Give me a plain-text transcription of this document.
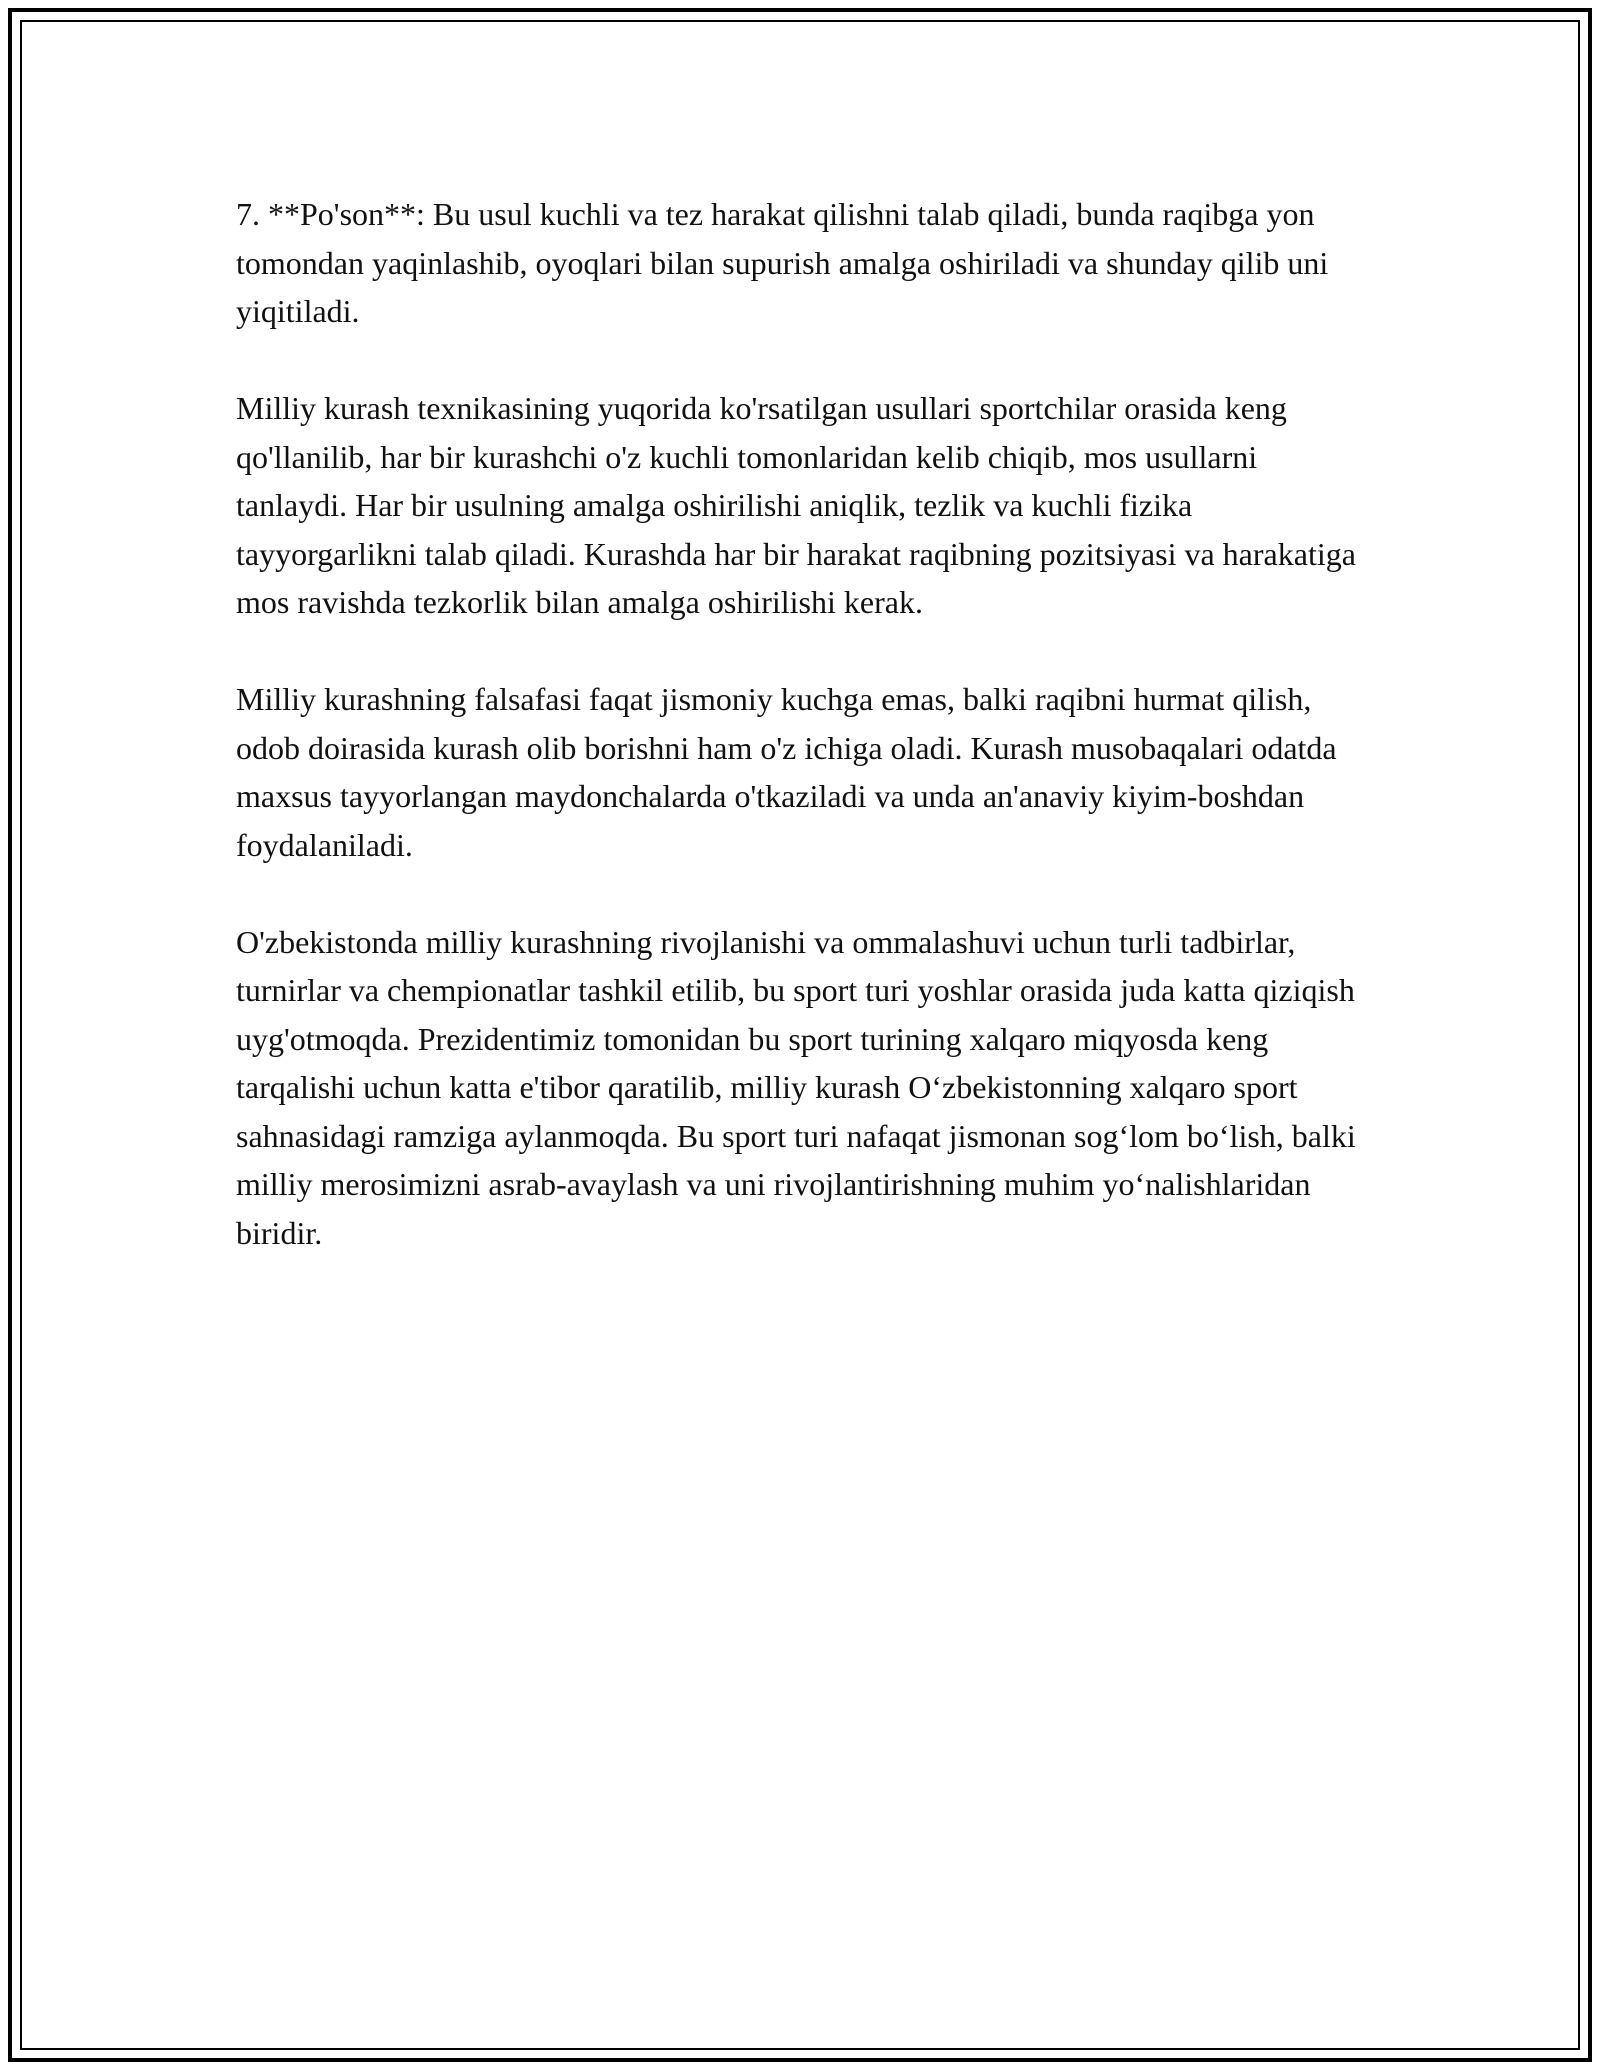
7. **Po'son**: Bu usul kuchli va tez harakat qilishni talab qiladi, bunda raqibga yon tomondan yaqinlashib, oyoqlari bilan supurish amalga oshiriladi va shunday qilib uni yiqitiladi.

Milliy kurash texnikasining yuqorida ko'rsatilgan usullari sportchilar orasida keng qo'llanilib, har bir kurashchi o'z kuchli tomonlaridan kelib chiqib, mos usullarni tanlaydi. Har bir usulning amalga oshirilishi aniqlik, tezlik va kuchli fizika tayyorgarlikni talab qiladi. Kurashda har bir harakat raqibning pozitsiyasi va harakatiga mos ravishda tezkorlik bilan amalga oshirilishi kerak.

Milliy kurashning falsafasi faqat jismoniy kuchga emas, balki raqibni hurmat qilish, odob doirasida kurash olib borishni ham o'z ichiga oladi. Kurash musobaqalari odatda maxsus tayyorlangan maydonchalarda o'tkaziladi va unda an'anaviy kiyim-boshdan foydalaniladi.

O'zbekistonda milliy kurashning rivojlanishi va ommalashuvi uchun turli tadbirlar, turnirlar va chempionatlar tashkil etilib, bu sport turi yoshlar orasida juda katta qiziqish uyg'otmoqda. Prezidentimiz tomonidan bu sport turining xalqaro miqyosda keng tarqalishi uchun katta e'tibor qaratilib, milliy kurash O‘zbekistonning xalqaro sport sahnasidagi ramziga aylanmoqda. Bu sport turi nafaqat jismonan sog‘lom bo‘lish, balki milliy merosimizni asrab-avaylash va uni rivojlantirishning muhim yo‘nalishlaridan biridir.
